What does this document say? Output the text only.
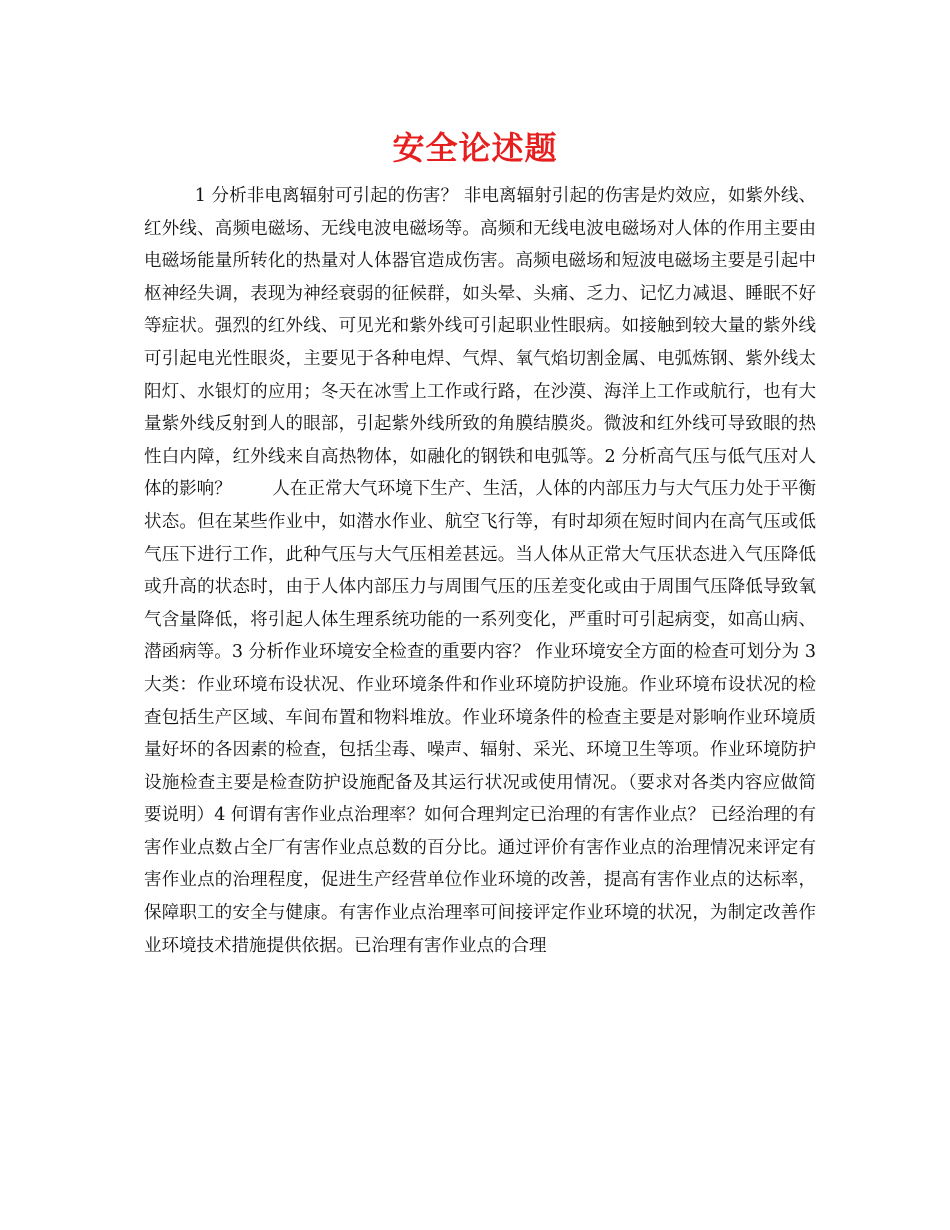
安全论述题

1 分析非电离辐射可引起的伤害？ 非电离辐射引起的伤害是灼效应，如紫外线、红外线、高频电磁场、无线电波电磁场等。高频和无线电波电磁场对人体的作用主要由电磁场能量所转化的热量对人体器官造成伤害。高频电磁场和短波电磁场主要是引起中枢神经失调，表现为神经衰弱的征候群，如头晕、头痛、乏力、记忆力减退、睡眠不好等症状。强烈的红外线、可见光和紫外线可引起职业性眼病。如接触到较大量的紫外线可引起电光性眼炎，主要见于各种电焊、气焊、氧气焰切割金属、电弧炼钢、紫外线太阳灯、水银灯的应用；冬天在冰雪上工作或行路，在沙漠、海洋上工作或航行，也有大量紫外线反射到人的眼部，引起紫外线所致的角膜结膜炎。微波和红外线可导致眼的热性白内障，红外线来自高热物体，如融化的钢铁和电弧等。2 分析高气压与低气压对人体的影响？　　 人在正常大气环境下生产、生活，人体的内部压力与大气压力处于平衡状态。但在某些作业中，如潜水作业、航空飞行等，有时却须在短时间内在高气压或低气压下进行工作，此种气压与大气压相差甚远。当人体从正常大气压状态进入气压降低或升高的状态时，由于人体内部压力与周围气压的压差变化或由于周围气压降低导致氧气含量降低，将引起人体生理系统功能的一系列变化，严重时可引起病变，如高山病、潜函病等。3 分析作业环境安全检查的重要内容？ 作业环境安全方面的检查可划分为 3 大类：作业环境布设状况、作业环境条件和作业环境防护设施。作业环境布设状况的检查包括生产区域、车间布置和物料堆放。作业环境条件的检查主要是对影响作业环境质量好坏的各因素的检查，包括尘毒、噪声、辐射、采光、环境卫生等项。作业环境防护设施检查主要是检查防护设施配备及其运行状况或使用情况。（要求对各类内容应做简要说明）4 何谓有害作业点治理率？如何合理判定已治理的有害作业点？ 已经治理的有害作业点数占全厂有害作业点总数的百分比。通过评价有害作业点的治理情况来评定有害作业点的治理程度，促进生产经营单位作业环境的改善，提高有害作业点的达标率，保障职工的安全与健康。有害作业点治理率可间接评定作业环境的状况，为制定改善作业环境技术措施提供依据。已治理有害作业点的合理
